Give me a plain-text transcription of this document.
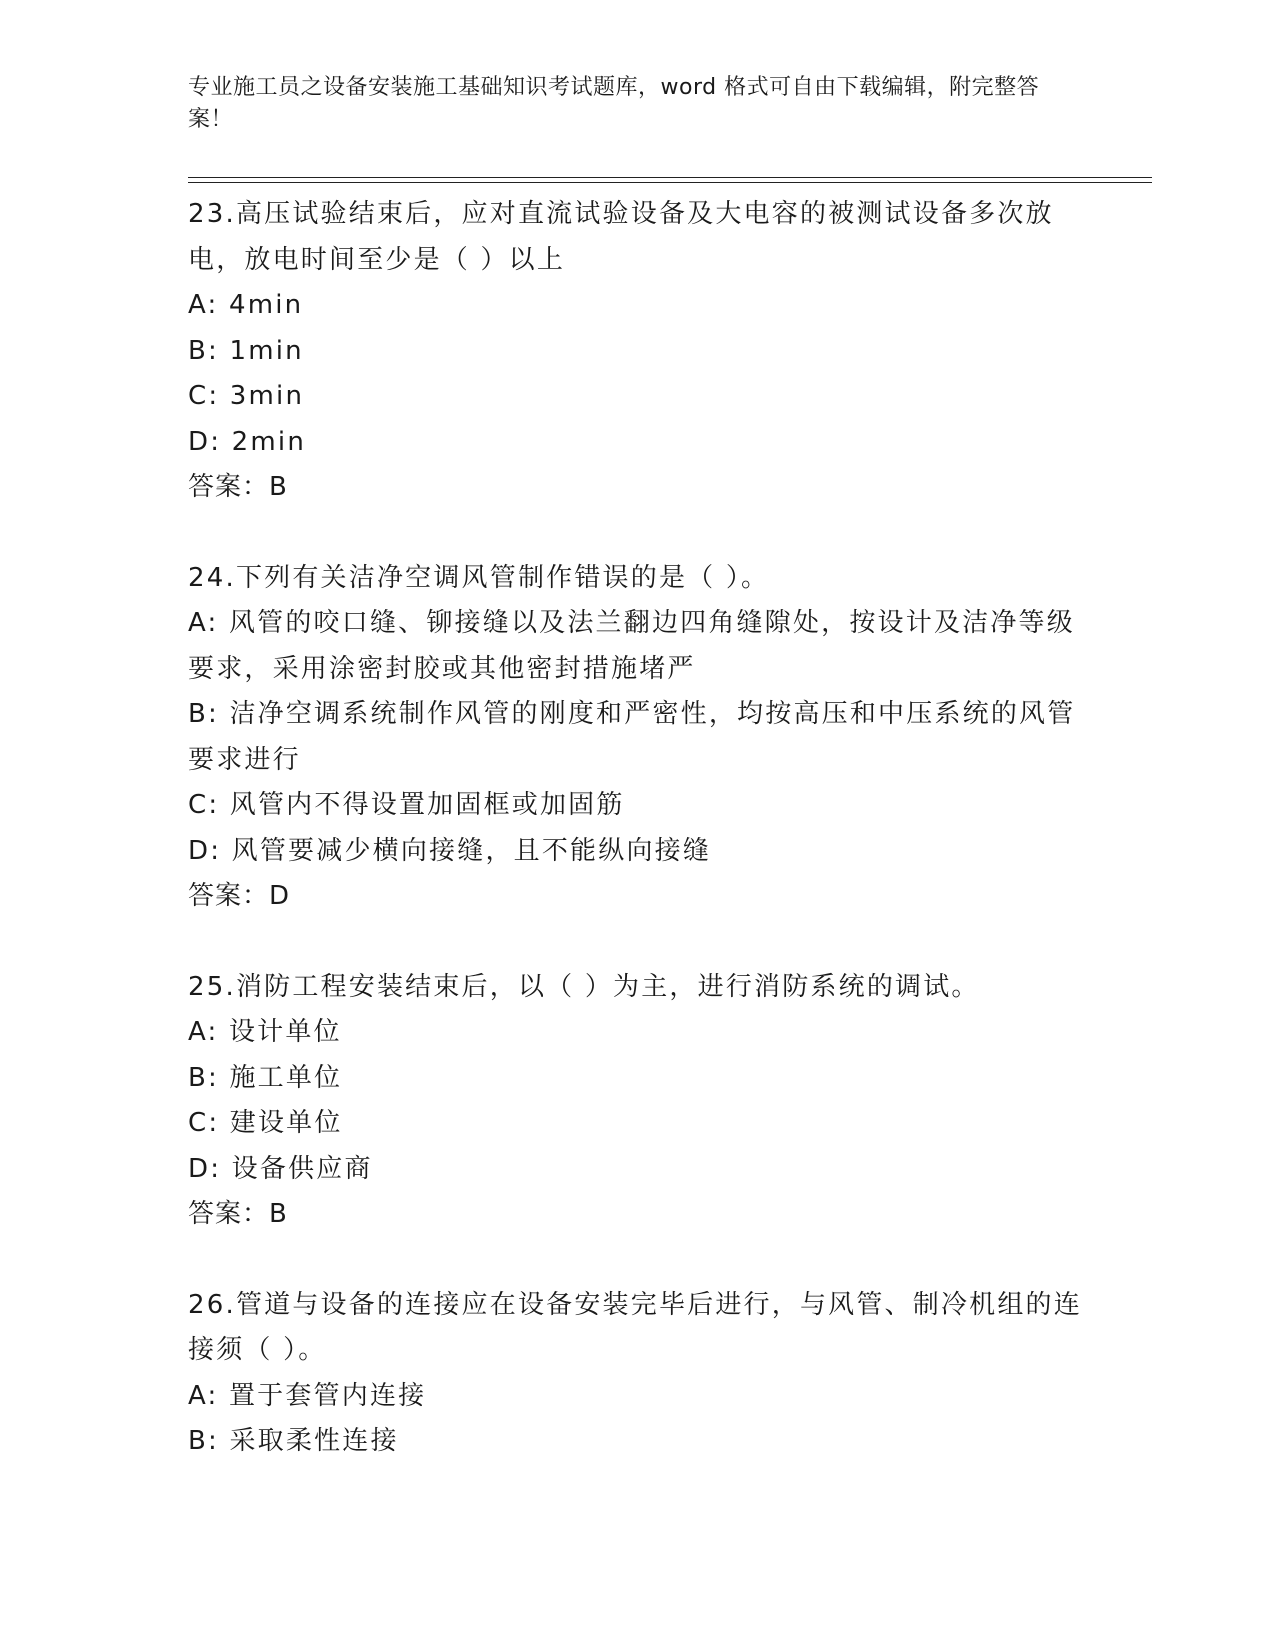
专业施工员之设备安装施工基础知识考试题库，word 格式可自由下载编辑，附完整答案！
23.高压试验结束后，应对直流试验设备及大电容的被测试设备多次放电，放电时间至少是（ ）以上
A: 4min
B: 1min
C: 3min
D: 2min
答案：B
24.下列有关洁净空调风管制作错误的是（ ）。
A: 风管的咬口缝、铆接缝以及法兰翻边四角缝隙处，按设计及洁净等级要求，采用涂密封胶或其他密封措施堵严
B: 洁净空调系统制作风管的刚度和严密性，均按高压和中压系统的风管要求进行
C: 风管内不得设置加固框或加固筋
D: 风管要减少横向接缝，且不能纵向接缝
答案：D
25.消防工程安装结束后，以（ ）为主，进行消防系统的调试。
A: 设计单位
B: 施工单位
C: 建设单位
D: 设备供应商
答案：B
26.管道与设备的连接应在设备安装完毕后进行，与风管、制冷机组的连接须（ ）。
A: 置于套管内连接
B: 采取柔性连接
